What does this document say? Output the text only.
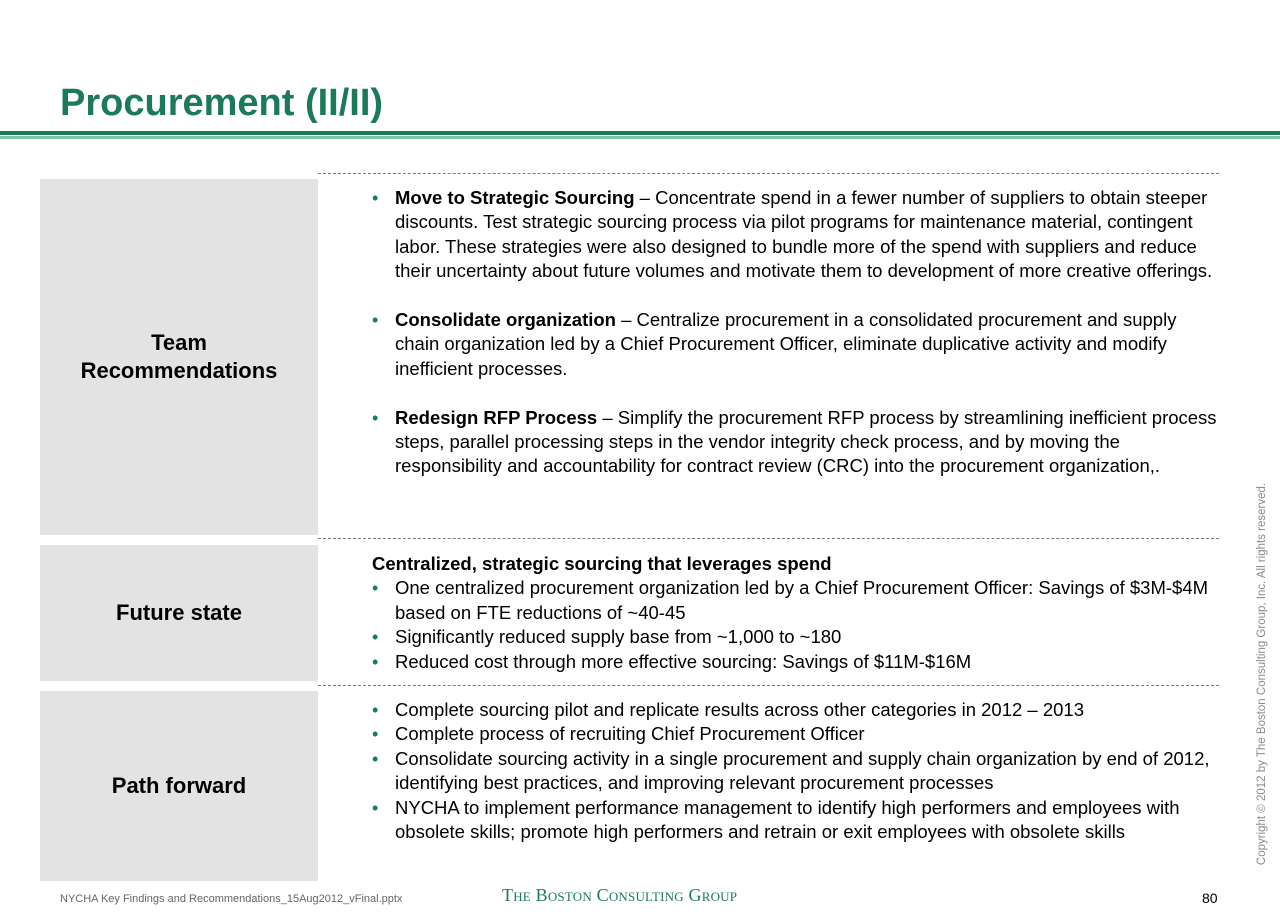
Procurement (II/II)
Team
Recommendations
• Move to Strategic Sourcing – Concentrate spend in a fewer number of suppliers to obtain steeper discounts. Test strategic sourcing process via pilot programs for maintenance material, contingent labor. These strategies were also designed to bundle more of the spend with suppliers and reduce their uncertainty about future volumes and motivate them to development of more creative offerings.
• Consolidate organization – Centralize procurement in a consolidated procurement and supply chain organization led by a Chief Procurement Officer, eliminate duplicative activity and modify inefficient processes.
• Redesign RFP Process – Simplify the procurement RFP process by streamlining inefficient process steps, parallel processing steps in the vendor integrity check process, and by moving the responsibility and accountability for contract review (CRC) into the procurement organization,.
Future state
Centralized, strategic sourcing that leverages spend
• One centralized procurement organization led by a Chief Procurement Officer: Savings of $3M-$4M based on FTE reductions of ~40-45
• Significantly reduced supply base from ~1,000 to ~180
• Reduced cost through more effective sourcing: Savings of $11M-$16M
Path forward
• Complete sourcing pilot and replicate results across other categories in 2012 – 2013
• Complete process of recruiting Chief Procurement Officer
• Consolidate sourcing activity in a single procurement and supply chain organization by end of 2012, identifying best practices, and improving relevant procurement processes
• NYCHA to implement performance management to identify high performers and employees with obsolete skills; promote high performers and retrain or exit employees with obsolete skills	Copyright © 2012 by The Boston Consulting Group, Inc. All rights reserved.
NYCHA Key Findings and Recommendations_15Aug2012_vFinal.pptx	The Boston Consulting Group	80
